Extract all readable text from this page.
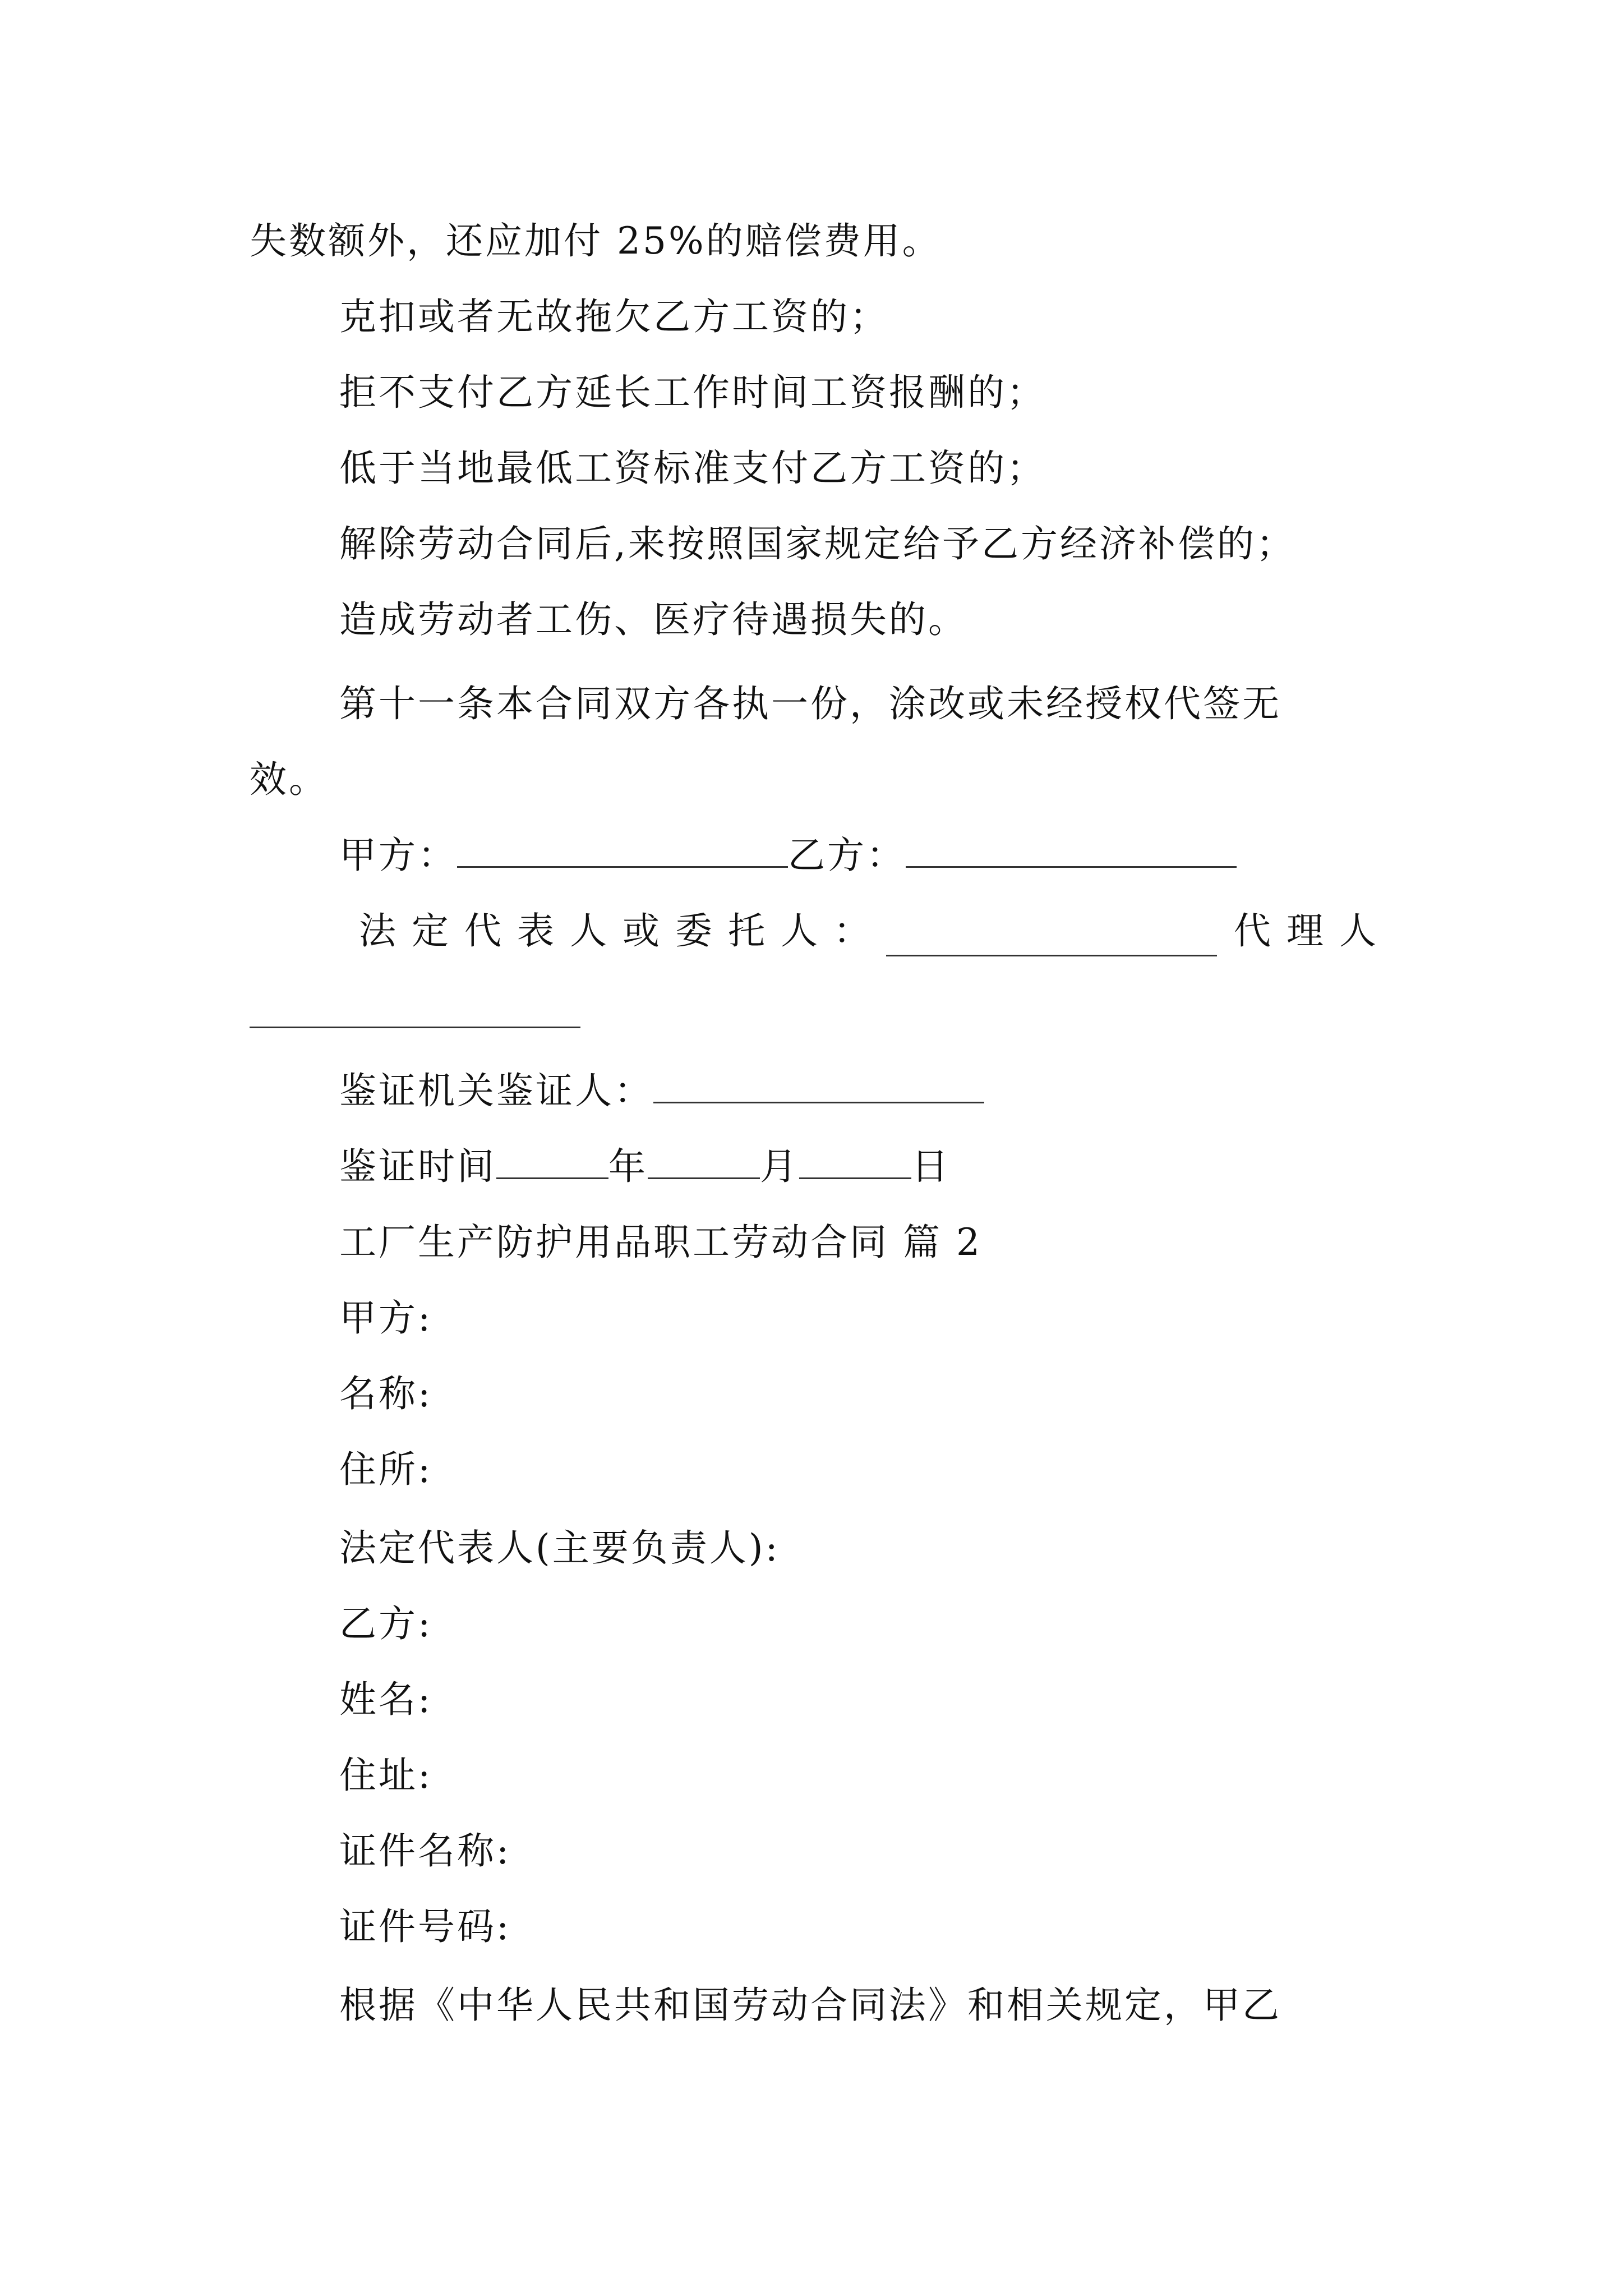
失数额外，还应加付 25%的赔偿费用。
克扣或者无故拖欠乙方工资的；
拒不支付乙方延长工作时间工资报酬的；
低于当地最低工资标准支付乙方工资的；
解除劳动合同后,来按照国家规定给予乙方经济补偿的；
造成劳动者工伤、医疗待遇损失的。
第十一条本合同双方各执一份，涂改或未经授权代签无
效。
甲方：	乙方：
法定代表人或委托人：	代理人
鉴证机关鉴证人：
鉴证时间	年	月	日
工厂生产防护用品职工劳动合同 篇 2
甲方:
名称:
住所:
法定代表人(主要负责人):
乙方:
姓名:
住址:
证件名称:
证件号码:
根据《中华人民共和国劳动合同法》和相关规定，甲乙
